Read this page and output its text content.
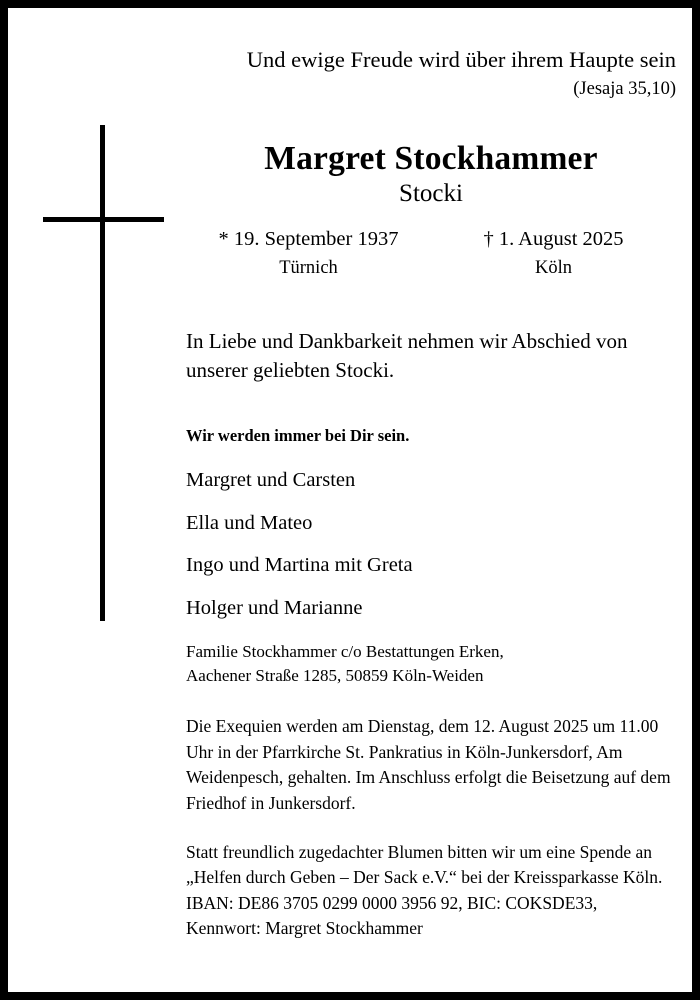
Und ewige Freude wird über ihrem Haupte sein
(Jesaja 35,10)
Margret Stockhammer
Stocki
* 19. September 1937
Türnich
† 1. August 2025
Köln
In Liebe und Dankbarkeit nehmen wir Abschied von unserer geliebten Stocki.
Wir werden immer bei Dir sein.
Margret und Carsten
Ella und Mateo
Ingo und Martina mit Greta
Holger und Marianne
Familie Stockhammer c/o Bestattungen Erken,
Aachener Straße 1285, 50859 Köln-Weiden
Die Exequien werden am Dienstag, dem 12. August 2025 um 11.00 Uhr in der Pfarrkirche St. Pankratius in Köln-Junkersdorf, Am Weidenpesch, gehalten. Im Anschluss erfolgt die Beisetzung auf dem Friedhof in Junkersdorf.
Statt freundlich zugedachter Blumen bitten wir um eine Spende an „Helfen durch Geben – Der Sack e.V.“ bei der Kreissparkasse Köln. IBAN: DE86 3705 0299 0000 3956 92, BIC: COKSDE33, Kennwort: Margret Stockhammer
